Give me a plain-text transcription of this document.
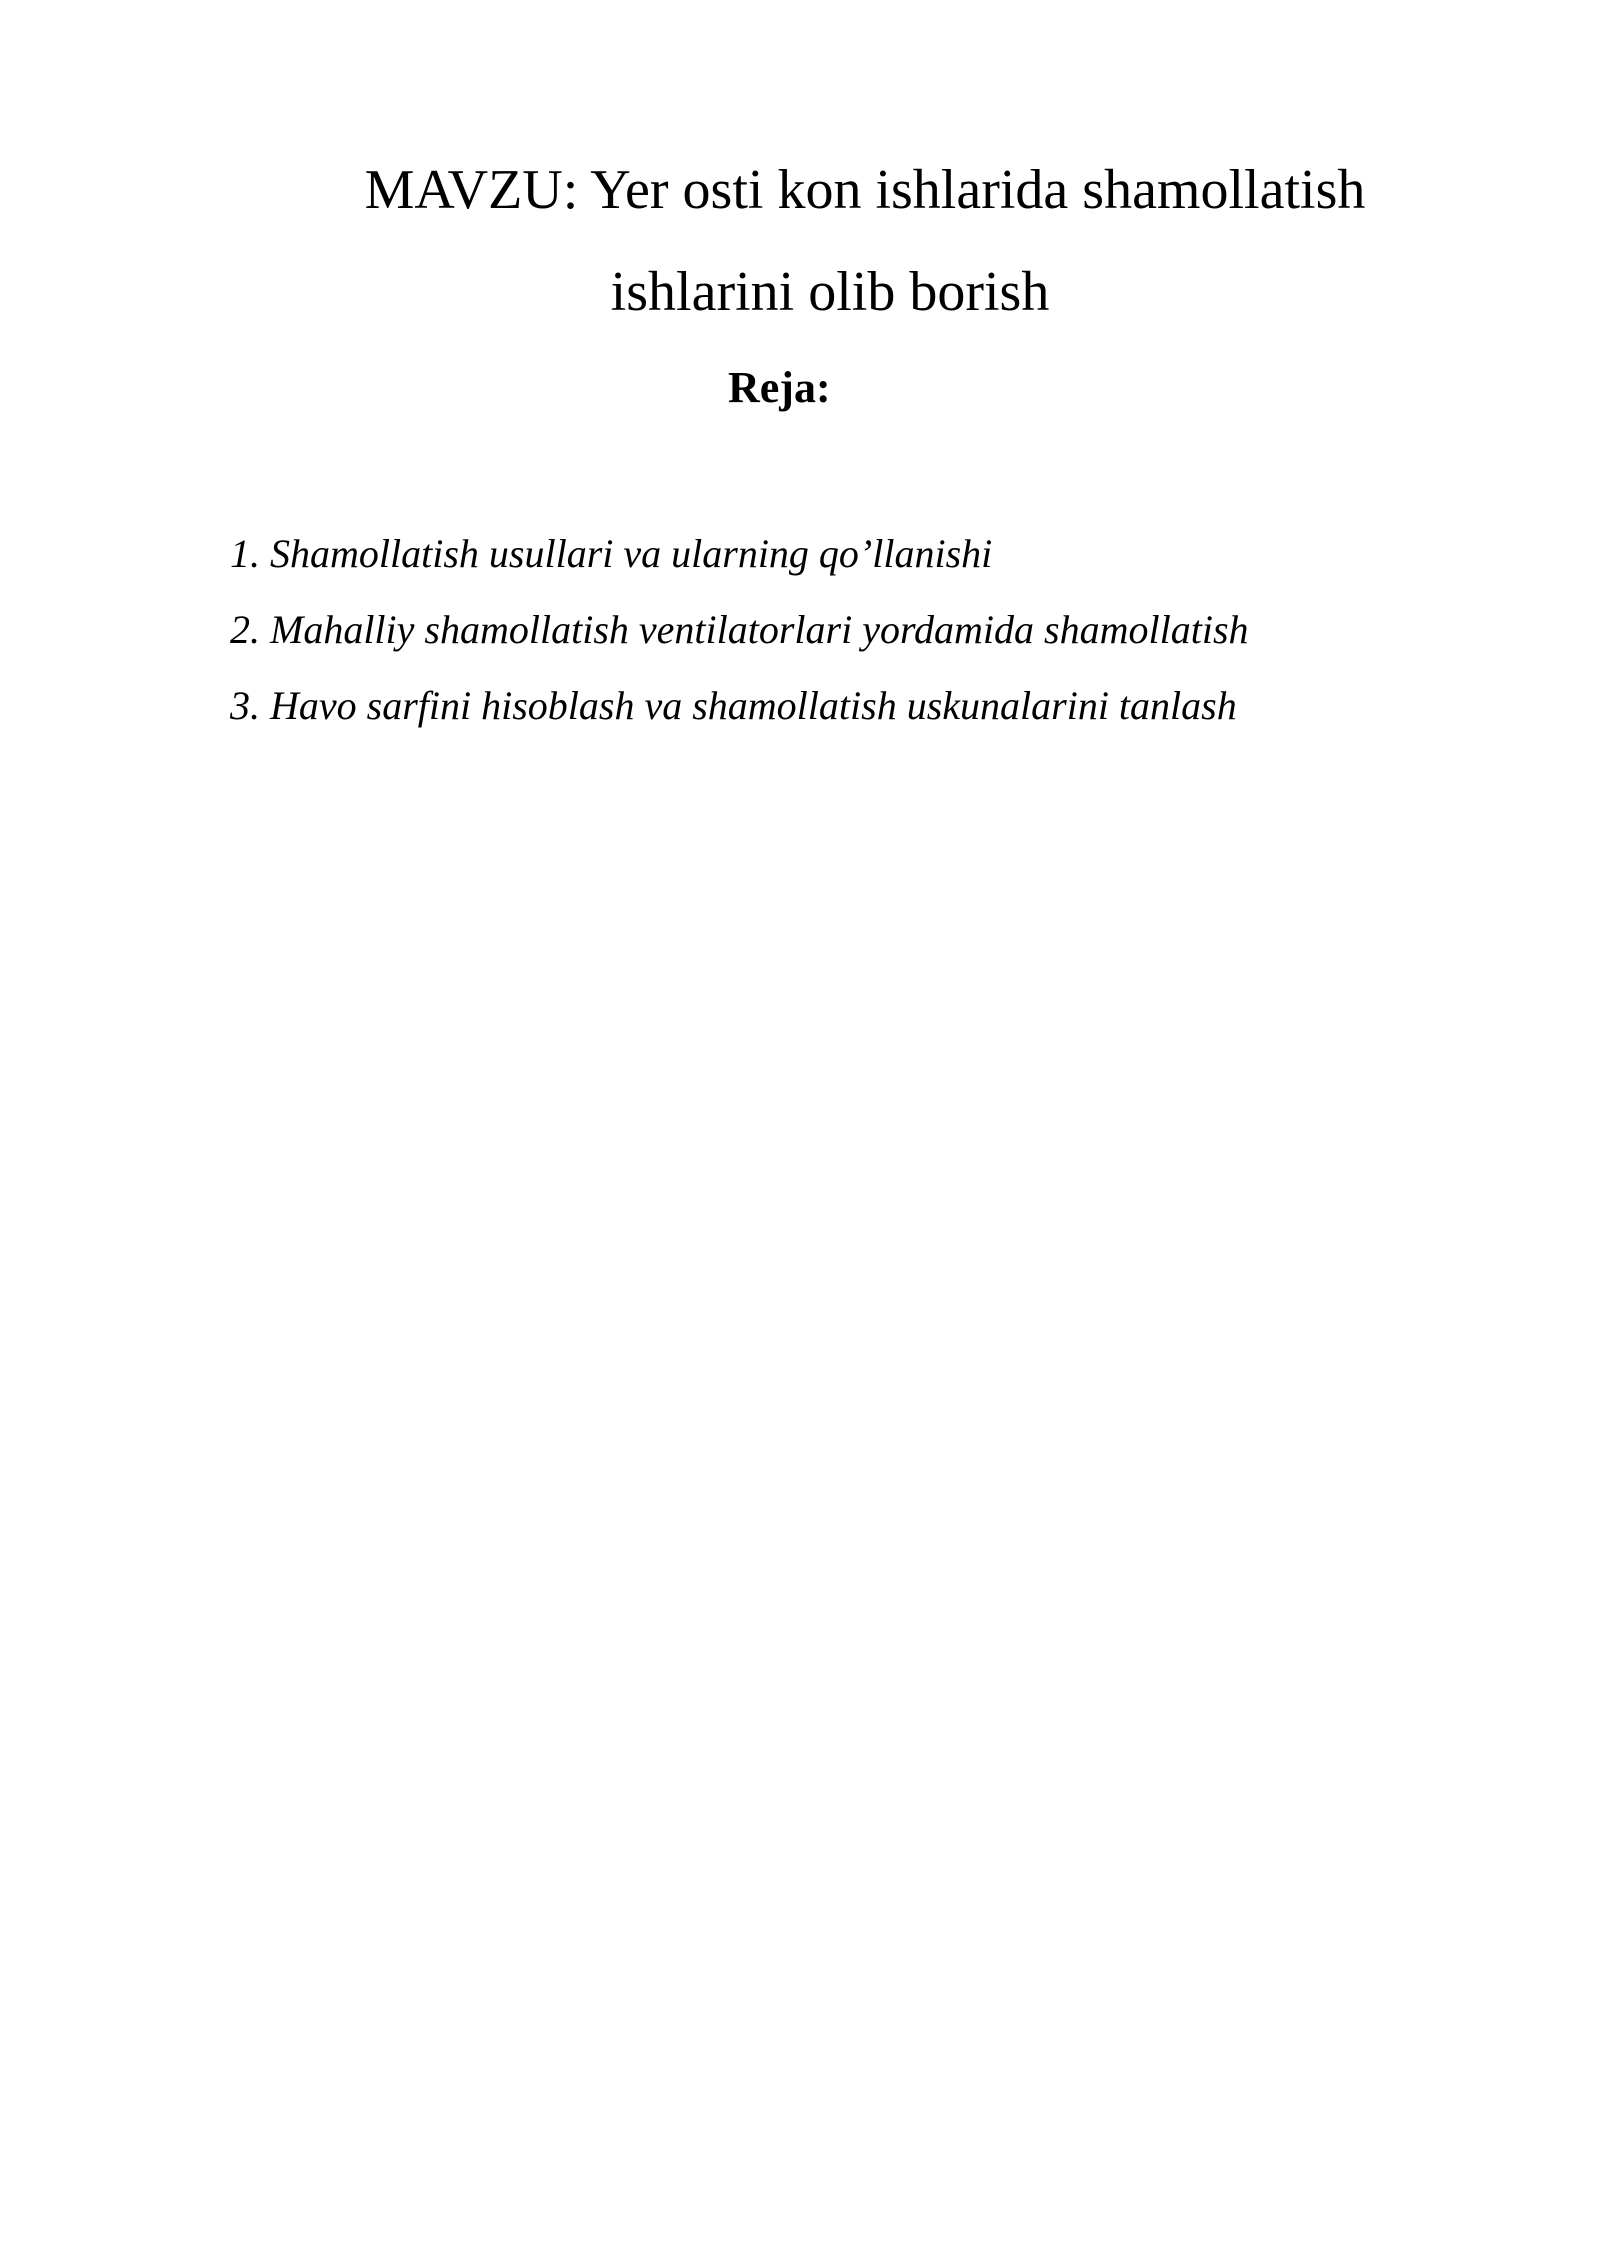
MAVZU: Yer osti kon ishlarida shamollatish
ishlarini olib borish
Reja:
1. Shamollatish usullari va ularning qo’llanishi
2. Mahalliy shamollatish ventilatorlari yordamida shamollatish
3. Havo sarfini hisoblash va shamollatish uskunalarini tanlash
